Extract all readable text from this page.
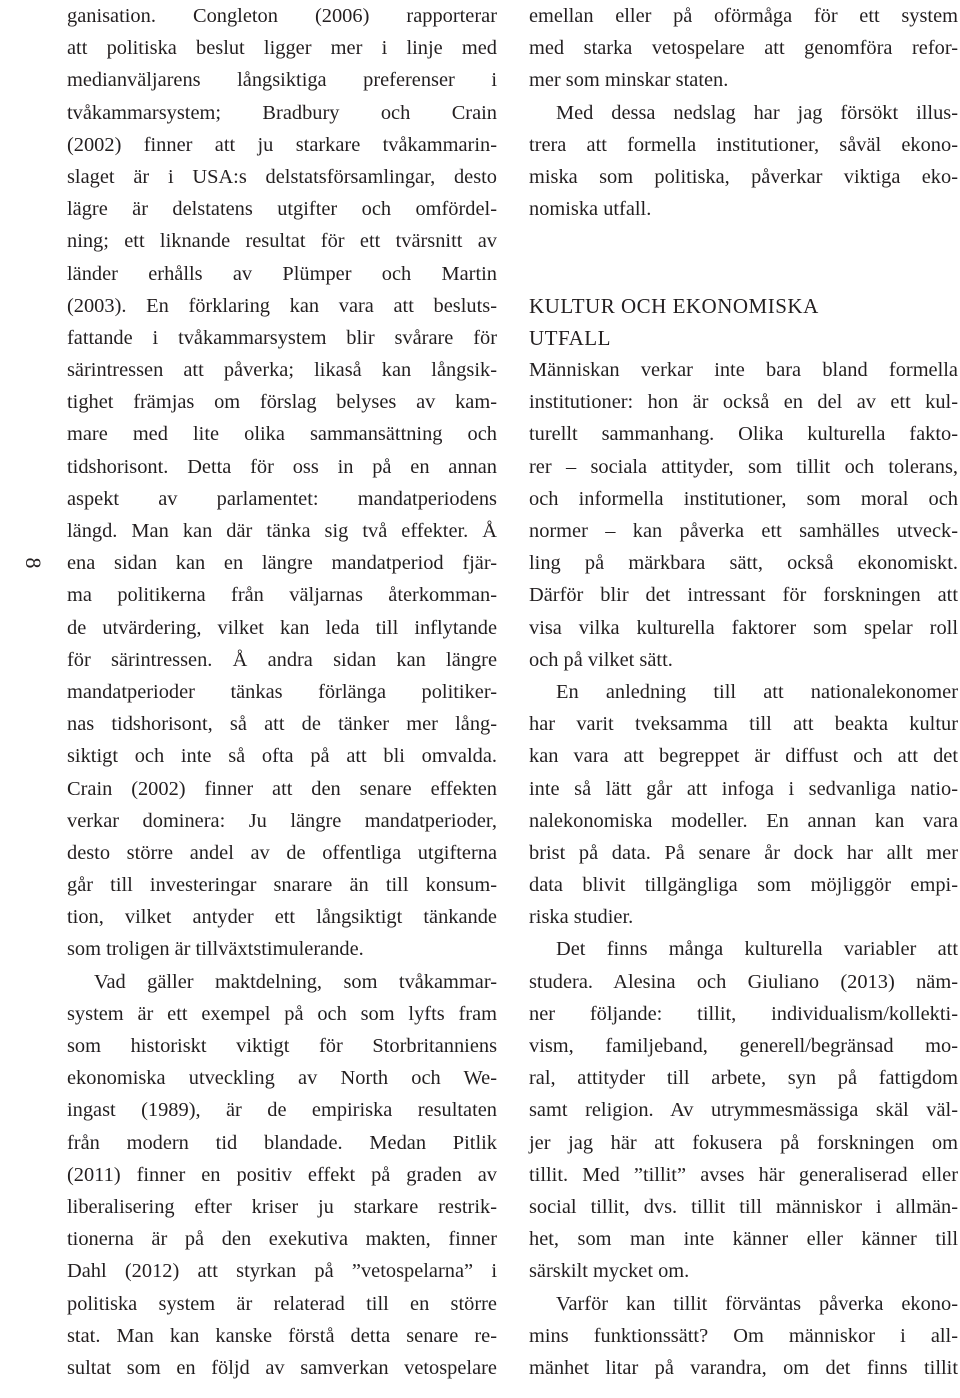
8
ganisation. Congleton (2006) rapporterar
att politiska beslut ligger mer i linje med
medianväljarens långsiktiga preferenser i
tvåkammarsystem; Bradbury och Crain
(2002) finner att ju starkare tvåkammarin-
slaget är i USA:s delstatsförsamlingar, desto
lägre är delstatens utgifter och omfördel-
ning; ett liknande resultat för ett tvärsnitt av
länder erhålls av Plümper och Martin
(2003). En förklaring kan vara att besluts-
fattande i tvåkammarsystem blir svårare för
särintressen att påverka; likaså kan långsik-
tighet främjas om förslag belyses av kam-
mare med lite olika sammansättning och
tidshorisont. Detta för oss in på en annan
aspekt av parlamentet: mandatperiodens
längd. Man kan där tänka sig två effekter. Å
ena sidan kan en längre mandatperiod fjär-
ma politikerna från väljarnas återkomman-
de utvärdering, vilket kan leda till inflytande
för särintressen. Å andra sidan kan längre
mandatperioder tänkas förlänga politiker-
nas tidshorisont, så att de tänker mer lång-
siktigt och inte så ofta på att bli omvalda.
Crain (2002) finner att den senare effekten
verkar dominera: Ju längre mandatperioder,
desto större andel av de offentliga utgifterna
går till investeringar snarare än till konsum-
tion, vilket antyder ett långsiktigt tänkande
som troligen är tillväxtstimulerande.
Vad gäller maktdelning, som tvåkammar-
system är ett exempel på och som lyfts fram
som historiskt viktigt för Storbritanniens
ekonomiska utveckling av North och We-
ingast (1989), är de empiriska resultaten
från modern tid blandade. Medan Pitlik
(2011) finner en positiv effekt på graden av
liberalisering efter kriser ju starkare restrik-
tionerna är på den exekutiva makten, finner
Dahl (2012) att styrkan på ”vetospelarna” i
politiska system är relaterad till en större
stat. Man kan kanske förstå detta senare re-
sultat som en följd av samverkan vetospelare
emellan eller på oförmåga för ett system
med starka vetospelare att genomföra refor-
mer som minskar staten.
Med dessa nedslag har jag försökt illus-
trera att formella institutioner, såväl ekono-
miska som politiska, påverkar viktiga eko-
nomiska utfall.
KULTUR OCH EKONOMISKA
UTFALL
Människan verkar inte bara bland formella
institutioner: hon är också en del av ett kul-
turellt sammanhang. Olika kulturella fakto-
rer – sociala attityder, som tillit och tolerans,
och informella institutioner, som moral och
normer – kan påverka ett samhälles utveck-
ling på märkbara sätt, också ekonomiskt.
Därför blir det intressant för forskningen att
visa vilka kulturella faktorer som spelar roll
och på vilket sätt.
En anledning till att nationalekonomer
har varit tveksamma till att beakta kultur
kan vara att begreppet är diffust och att det
inte så lätt går att infoga i sedvanliga natio-
nalekonomiska modeller. En annan kan vara
brist på data. På senare år dock har allt mer
data blivit tillgängliga som möjliggör empi-
riska studier.
Det finns många kulturella variabler att
studera. Alesina och Giuliano (2013) näm-
ner följande: tillit, individualism/kollekti-
vism, familjeband, generell/begränsad mo-
ral, attityder till arbete, syn på fattigdom
samt religion. Av utrymmesmässiga skäl väl-
jer jag här att fokusera på forskningen om
tillit. Med ”tillit” avses här generaliserad eller
social tillit, dvs. tillit till människor i allmän-
het, som man inte känner eller känner till
särskilt mycket om.
Varför kan tillit förväntas påverka ekono-
mins funktionssätt? Om människor i all-
mänhet litar på varandra, om det finns tillit
